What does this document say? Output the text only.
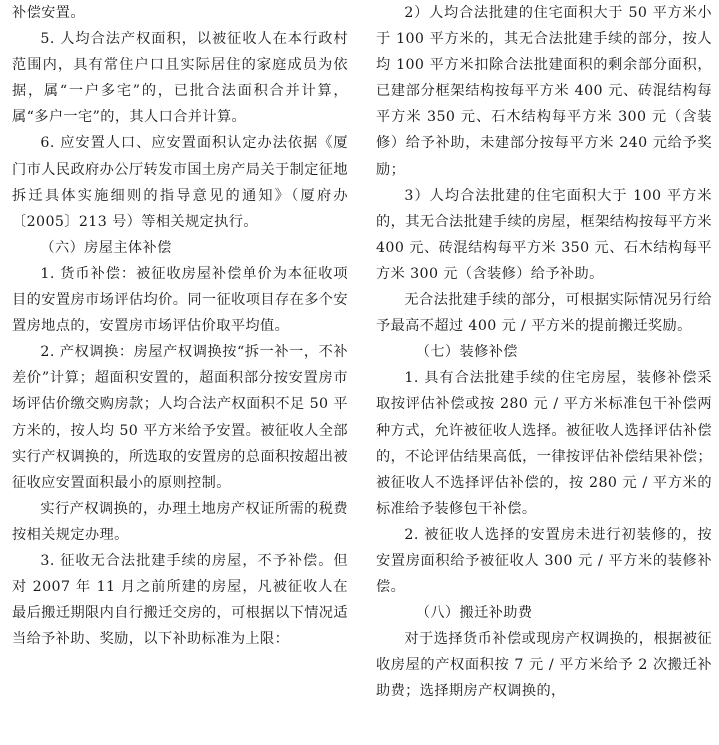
补偿安置。

5. 人均合法产权面积，以被征收人在本行政村范围内，具有常住户口且实际居住的家庭成员为依据，属“一户多宅”的，已批合法面积合并计算，属“多户一宅”的，其人口合并计算。

6. 应安置人口、应安置面积认定办法依据《厦门市人民政府办公厅转发市国土房产局关于制定征地拆迁具体实施细则的指导意见的通知》（厦府办〔2005〕213 号）等相关规定执行。

（六）房屋主体补偿

1. 货币补偿：被征收房屋补偿单价为本征收项目的安置房市场评估均价。同一征收项目存在多个安置房地点的，安置房市场评估价取平均值。

2. 产权调换：房屋产权调换按“拆一补一，不补差价”计算；超面积安置的，超面积部分按安置房市场评估价缴交购房款；人均合法产权面积不足 50 平方米的，按人均 50 平方米给予安置。被征收人全部实行产权调换的，所选取的安置房的总面积按超出被征收应安置面积最小的原则控制。

实行产权调换的，办理土地房产权证所需的税费按相关规定办理。

3. 征收无合法批建手续的房屋，不予补偿。但对 2007 年 11 月之前所建的房屋，凡被征收人在最后搬迁期限内自行搬迁交房的，可根据以下情况适当给予补助、奖励，以下补助标准为上限：

2）人均合法批建的住宅面积大于 50 平方米小于 100 平方米的，其无合法批建手续的部分，按人均 100 平方米扣除合法批建面积的剩余部分面积，已建部分框架结构按每平方米 400 元、砖混结构每平方米 350 元、石木结构每平方米 300 元（含装修）给予补助，未建部分按每平方米 240 元给予奖励；

3）人均合法批建的住宅面积大于 100 平方米的，其无合法批建手续的房屋，框架结构按每平方米 400 元、砖混结构每平方米 350 元、石木结构每平方米 300 元（含装修）给予补助。

无合法批建手续的部分，可根据实际情况另行给予最高不超过 400 元 / 平方米的提前搬迁奖励。

（七）装修补偿

1. 具有合法批建手续的住宅房屋，装修补偿采取按评估补偿或按 280 元 / 平方米标准包干补偿两种方式，允许被征收人选择。被征收人选择评估补偿的，不论评估结果高低，一律按评估补偿结果补偿；被征收人不选择评估补偿的，按 280 元 / 平方米的标准给予装修包干补偿。

2. 被征收人选择的安置房未进行初装修的，按安置房面积给予被征收人 300 元 / 平方米的装修补偿。

（八）搬迁补助费

对于选择货币补偿或现房产权调换的，根据被征收房屋的产权面积按 7 元 / 平方米给予 2 次搬迁补助费；选择期房产权调换的，
